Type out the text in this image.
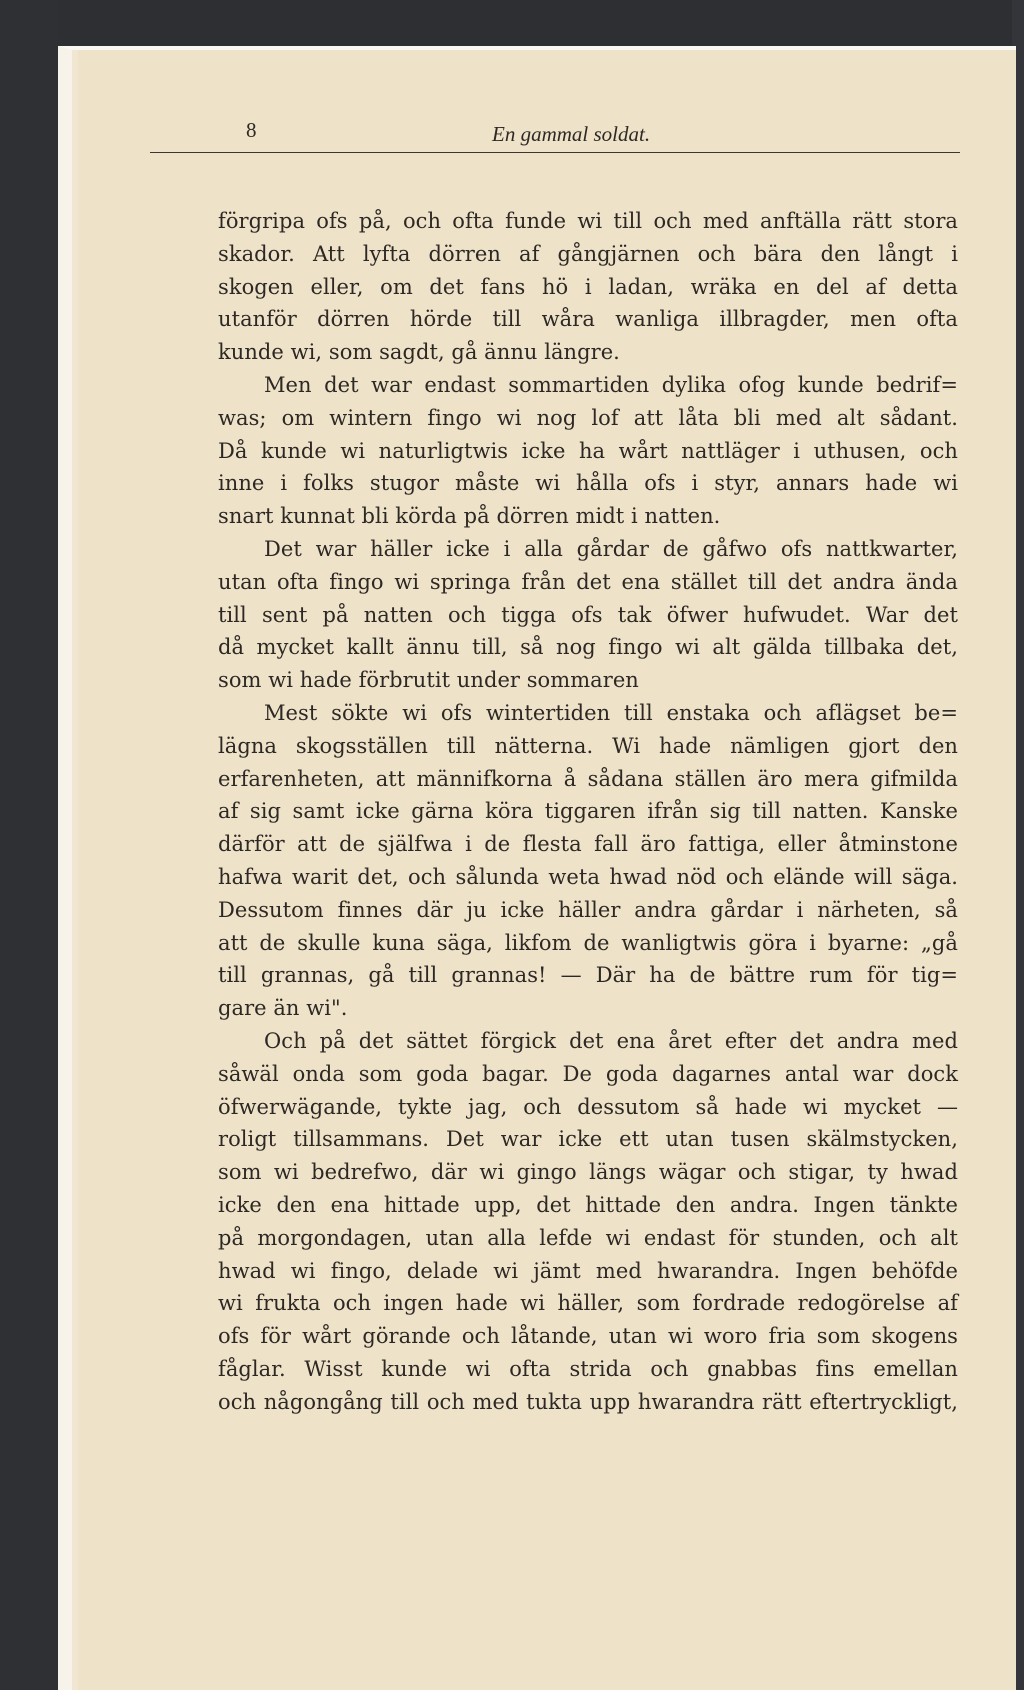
8	En gammal soldat.
förgripa ofs på, och ofta funde wi till och med anftälla rätt stora
skador. Att lyfta dörren af gångjärnen och bära den långt i
skogen eller, om det fans hö i ladan, wräka en del af detta
utanför dörren hörde till wåra wanliga illbragder, men ofta
kunde wi, som sagdt, gå ännu längre.
Men det war endast sommartiden dylika ofog kunde bedrif=
was; om wintern fingo wi nog lof att låta bli med alt sådant.
Då kunde wi naturligtwis icke ha wårt nattläger i uthusen, och
inne i folks stugor måste wi hålla ofs i styr, annars hade wi
snart kunnat bli körda på dörren midt i natten.
Det war häller icke i alla gårdar de gåfwo ofs nattkwarter,
utan ofta fingo wi springa från det ena stället till det andra ända
till sent på natten och tigga ofs tak öfwer hufwudet. War det
då mycket kallt ännu till, så nog fingo wi alt gälda tillbaka det,
som wi hade förbrutit under sommaren
Mest sökte wi ofs wintertiden till enstaka och aflägset be=
lägna skogsställen till nätterna. Wi hade nämligen gjort den
erfarenheten, att männifkorna å sådana ställen äro mera gifmilda
af sig samt icke gärna köra tiggaren ifrån sig till natten. Kanske
därför att de själfwa i de flesta fall äro fattiga, eller åtminstone
hafwa warit det, och sålunda weta hwad nöd och elände will säga.
Dessutom finnes där ju icke häller andra gårdar i närheten, så
att de skulle kuna säga, likfom de wanligtwis göra i byarne: „gå
till grannas, gå till grannas! — Där ha de bättre rum för tig=
gare än wi".
Och på det sättet förgick det ena året efter det andra med
såwäl onda som goda bagar. De goda dagarnes antal war dock
öfwerwägande, tykte jag, och dessutom så hade wi mycket —
roligt tillsammans. Det war icke ett utan tusen skälmstycken,
som wi bedrefwo, där wi gingo längs wägar och stigar, ty hwad
icke den ena hittade upp, det hittade den andra. Ingen tänkte
på morgondagen, utan alla lefde wi endast för stunden, och alt
hwad wi fingo, delade wi jämt med hwarandra. Ingen behöfde
wi frukta och ingen hade wi häller, som fordrade redogörelse af
ofs för wårt görande och låtande, utan wi woro fria som skogens
fåglar. Wisst kunde wi ofta strida och gnabbas fins emellan
och någongång till och med tukta upp hwarandra rätt eftertryckligt,
